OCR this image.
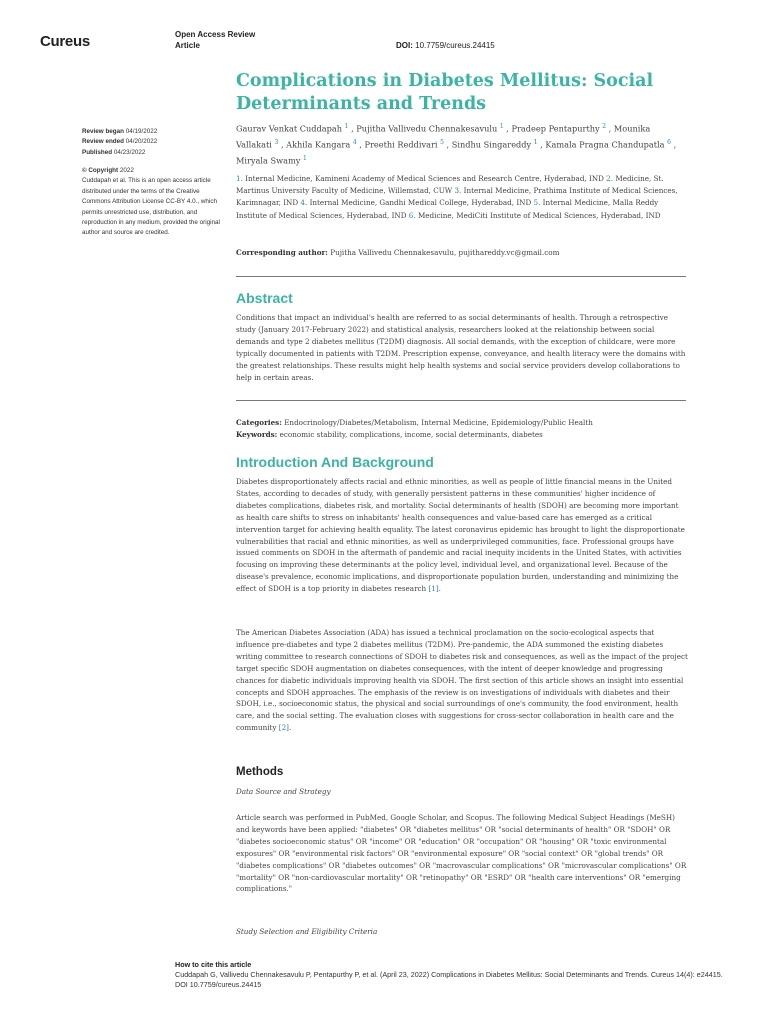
Cureus	Open Access Review
Article	DOI: 10.7759/cureus.24415
Complications in Diabetes Mellitus: Social Determinants and Trends
Review began 04/19/2022
Review ended 04/20/2022
Published 04/23/2022
© Copyright 2022
Cuddapah et al. This is an open access article distributed under the terms of the Creative Commons Attribution License CC-BY 4.0., which permits unrestricted use, distribution, and reproduction in any medium, provided the original author and source are credited.
Gaurav Venkat Cuddapah $^1$ , Pujitha Vallivedu Chennakesavulu $^1$ , Pradeep Pentapurthy $^2$ , Mounika Vallakati $^3$ , Akhila Kangara $^4$ , Preethi Reddivari $^5$ , Sindhu Singareddy $^1$ , Kamala Pragna Chandupatla $^6$ , Miryala Swamy $^1$
1. Internal Medicine, Kamineni Academy of Medical Sciences and Research Centre, Hyderabad, IND 2. Medicine, St. Martinus University Faculty of Medicine, Willemstad, CUW 3. Internal Medicine, Prathima Institute of Medical Sciences, Karimnagar, IND 4. Internal Medicine, Gandhi Medical College, Hyderabad, IND 5. Internal Medicine, Malla Reddy Institute of Medical Sciences, Hyderabad, IND 6. Medicine, MediCiti Institute of Medical Sciences, Hyderabad, IND
Corresponding author: Pujitha Vallivedu Chennakesavulu, pujithareddy.vc@gmail.com
Abstract

Conditions that impact an individual's health are referred to as social determinants of health. Through a retrospective study (January 2017-February 2022) and statistical analysis, researchers looked at the relationship between social demands and type 2 diabetes mellitus (T2DM) diagnosis. All social demands, with the exception of childcare, were more typically documented in patients with T2DM. Prescription expense, conveyance, and health literacy were the domains with the greatest relationships. These results might help health systems and social service providers develop collaborations to help in certain areas.

Categories: Endocrinology/Diabetes/Metabolism, Internal Medicine, Epidemiology/Public Health
Keywords: economic stability, complications, income, social determinants, diabetes
Introduction And Background

Diabetes disproportionately affects racial and ethnic minorities, as well as people of little financial means in the United States, according to decades of study, with generally persistent patterns in these communities' higher incidence of diabetes complications, diabetes risk, and mortality. Social determinants of health (SDOH) are becoming more important as health care shifts to stress on inhabitants' health consequences and value-based care has emerged as a critical intervention target for achieving health equality. The latest coronavirus epidemic has brought to light the disproportionate vulnerabilities that racial and ethnic minorities, as well as underprivileged communities, face. Professional groups have issued comments on SDOH in the aftermath of pandemic and racial inequity incidents in the United States, with activities focusing on improving these determinants at the policy level, individual level, and organizational level. Because of the disease's prevalence, economic implications, and disproportionate population burden, understanding and minimizing the effect of SDOH is a top priority in diabetes research [1].

The American Diabetes Association (ADA) has issued a technical proclamation on the socio-ecological aspects that influence pre-diabetes and type 2 diabetes mellitus (T2DM). Pre-pandemic, the ADA summoned the existing diabetes writing committee to research connections of SDOH to diabetes risk and consequences, as well as the impact of the project target specific SDOH augmentation on diabetes consequences, with the intent of deeper knowledge and progressing chances for diabetic individuals improving health via SDOH. The first section of this article shows an insight into essential concepts and SDOH approaches. The emphasis of the review is on investigations of individuals with diabetes and their SDOH, i.e., socioeconomic status, the physical and social surroundings of one's community, the food environment, health care, and the social setting. The evaluation closes with suggestions for cross-sector collaboration in health care and the community [2].

Methods
Data Source and Strategy

Article search was performed in PubMed, Google Scholar, and Scopus. The following Medical Subject Headings (MeSH) and keywords have been applied: "diabetes" OR "diabetes mellitus" OR "social determinants of health" OR "SDOH" OR "diabetes socioeconomic status" OR "income" OR "education" OR "occupation" OR "housing" OR "toxic environmental exposures" OR "environmental risk factors" OR "environmental exposure" OR "social context" OR "global trends" OR "diabetes complications" OR "diabetes outcomes" OR "macrovascular complications" OR "microvascular complications" OR "mortality" OR "non-cardiovascular mortality" OR "retinopathy" OR "ESRD" OR "health care interventions" OR "emerging complications."

Study Selection and Eligibility Criteria
How to cite this article
Cuddapah G, Vallivedu Chennakesavulu P, Pentapurthy P, et al. (April 23, 2022) Complications in Diabetes Mellitus: Social Determinants and Trends. Cureus 14(4): e24415. DOI 10.7759/cureus.24415
